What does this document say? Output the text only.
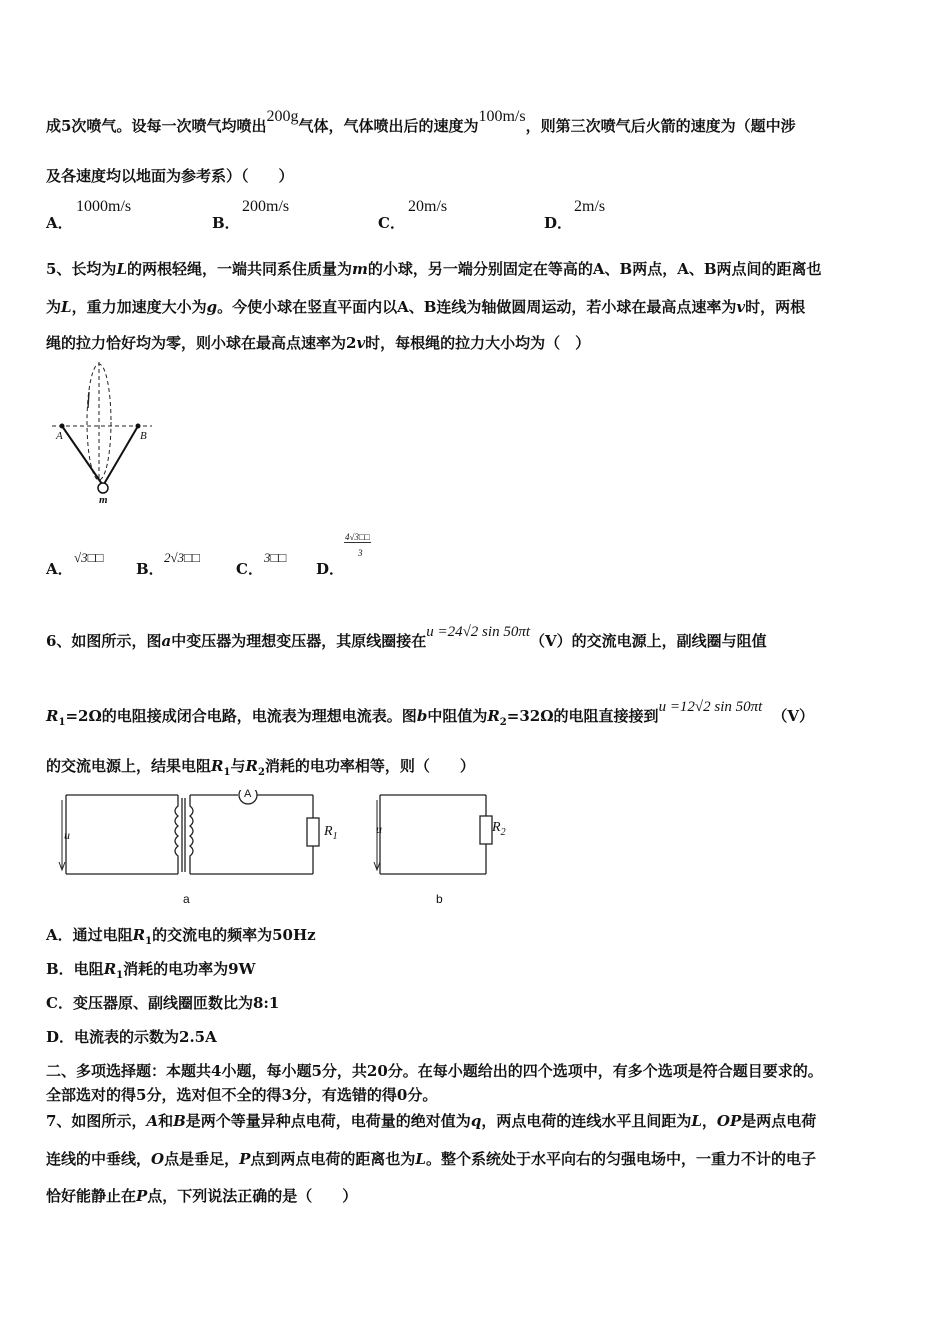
成5次喷气。设每一次喷气均喷出200g气体，气体喷出后的速度为100m/s，则第三次喷气后火箭的速度为（题中涉
及各速度均以地面为参考系）（　　）
A．
1000m/s
B．
200m/s
C．
20m/s
D．
2m/s
5、长均为L的两根轻绳，一端共同系住质量为m的小球，另一端分别固定在等高的A、B两点，A、B两点间的距离也
为L，重力加速度大小为g。今使小球在竖直平面内以A、B连线为轴做圆周运动，若小球在最高点速率为v时，两根
绳的拉力恰好均为零，则小球在最高点速率为2v时，每根绳的拉力大小均为（　）
A	B
m
A．
√3□□
B．
2√3□□
C．
3□□
D．
4√3□□
3
6、如图所示，图a中变压器为理想变压器，其原线圈接在u =24√2 sin 50πt（V）的交流电源上，副线圈与阻值
$R_1=2\Omega$的电阻接成闭合电路，电流表为理想电流表。图b中阻值为$R_2=32\Omega$的电阻直接接到u =12√2 sin 50πt （V）
的交流电源上，结果电阻$R_1$与$R_2$消耗的电功率相等，则（　　）
u
A
$R_1$
a
u	$R_2$
b
A．通过电阻$R_1$的交流电的频率为50Hz
B．电阻$R_1$消耗的电功率为9W
C．变压器原、副线圈匝数比为8:1
D．电流表的示数为2.5A
二、多项选择题：本题共4小题，每小题5分，共20分。在每小题给出的四个选项中，有多个选项是符合题目要求的。
全部选对的得5分，选对但不全的得3分，有选错的得0分。
7、如图所示，A和B是两个等量异种点电荷，电荷量的绝对值为q，两点电荷的连线水平且间距为L，OP是两点电荷
连线的中垂线，O点是垂足，P点到两点电荷的距离也为L。整个系统处于水平向右的匀强电场中，一重力不计的电子
恰好能静止在P点，下列说法正确的是（　　）
